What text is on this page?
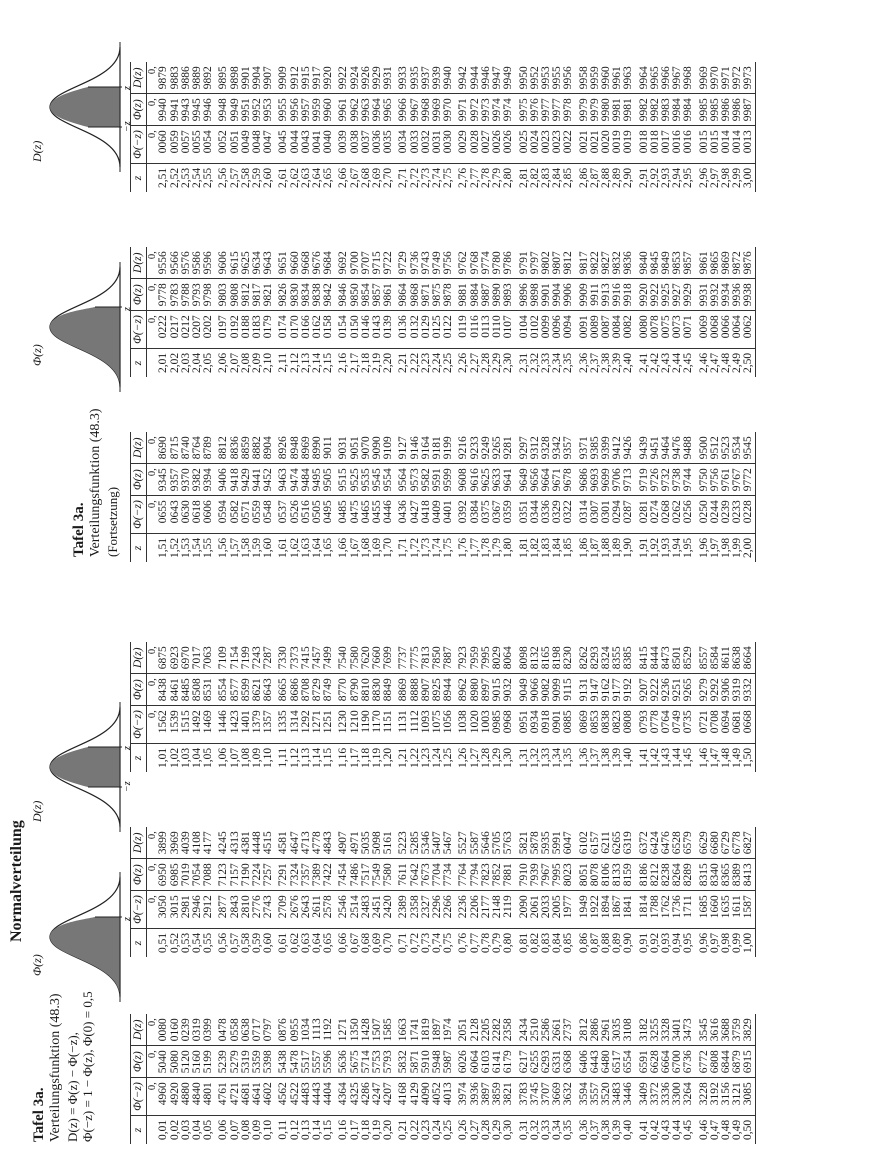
Normalverteilung
Tafel 3a. Verteilungsfunktion (48.3) D(z) = Φ(z) − Φ(−z), Φ(−z) = 1 − Φ(z), Φ(0) = 0,5
Tafel 3a. Verteilungsfunktion (48.3) (Fortsetzung)
Φ(z)
z
D(z)
−z
z
Φ(z)
z
D(z)
−z
z
z	Φ(−z)	Φ(z)	D(z)
	0,	0,	0,
0,01	4960	5040	0080
0,02	4920	5080	0160
0,03	4880	5120	0239
0,04	4840	5160	0319
0,05	4801	5199	0399
0,06	4761	5239	0478
0,07	4721	5279	0558
0,08	4681	5319	0638
0,09	4641	5359	0717
0,10	4602	5398	0797
0,11	4562	5438	0876
0,12	4522	5478	0955
0,13	4483	5517	1034
0,14	4443	5557	1113
0,15	4404	5596	1192
0,16	4364	5636	1271
0,17	4325	5675	1350
0,18	4286	5714	1428
0,19	4247	5753	1507
0,20	4207	5793	1585
0,21	4168	5832	1663
0,22	4129	5871	1741
0,23	4090	5910	1819
0,24	4052	5948	1897
0,25	4013	5987	1974
0,26	3974	6026	2051
0,27	3936	6064	2128
0,28	3897	6103	2205
0,29	3859	6141	2282
0,30	3821	6179	2358
0,31	3783	6217	2434
0,32	3745	6255	2510
0,33	3707	6293	2586
0,34	3669	6331	2661
0,35	3632	6368	2737
0,36	3594	6406	2812
0,37	3557	6443	2886
0,38	3520	6480	2961
0,39	3483	6517	3035
0,40	3446	6554	3108
0,41	3409	6591	3182
0,42	3372	6628	3255
0,43	3336	6664	3328
0,44	3300	6700	3401
0,45	3264	6736	3473
0,46	3228	6772	3545
0,47	3192	6808	3616
0,48	3156	6844	3688
0,49	3121	6879	3759
0,50	3085	6915	3829
z	Φ(−z)	Φ(z)	D(z)
	0,	0,	0,
0,51	3050	6950	3899
0,52	3015	6985	3969
0,53	2981	7019	4039
0,54	2946	7054	4108
0,55	2912	7088	4177
0,56	2877	7123	4245
0,57	2843	7157	4313
0,58	2810	7190	4381
0,59	2776	7224	4448
0,60	2743	7257	4515
0,61	2709	7291	4581
0,62	2676	7324	4647
0,63	2643	7357	4713
0,64	2611	7389	4778
0,65	2578	7422	4843
0,66	2546	7454	4907
0,67	2514	7486	4971
0,68	2483	7517	5035
0,69	2451	7549	5098
0,70	2420	7580	5161
0,71	2389	7611	5223
0,72	2358	7642	5285
0,73	2327	7673	5346
0,74	2296	7704	5407
0,75	2266	7734	5467
0,76	2236	7764	5527
0,77	2206	7794	5587
0,78	2177	7823	5646
0,79	2148	7852	5705
0,80	2119	7881	5763
0,81	2090	7910	5821
0,82	2061	7939	5878
0,83	2033	7967	5935
0,84	2005	7995	5991
0,85	1977	8023	6047
0,86	1949	8051	6102
0,87	1922	8078	6157
0,88	1894	8106	6211
0,89	1867	8133	6265
0,90	1841	8159	6319
0,91	1814	8186	6372
0,92	1788	8212	6424
0,93	1762	8238	6476
0,94	1736	8264	6528
0,95	1711	8289	6579
0,96	1685	8315	6629
0,97	1660	8340	6680
0,98	1635	8365	6729
0,99	1611	8389	6778
1,00	1587	8413	6827
z	Φ(−z)	Φ(z)	D(z)
	0,	0,	0,
1,01	1562	8438	6875
1,02	1539	8461	6923
1,03	1515	8485	6970
1,04	1492	8508	7017
1,05	1469	8531	7063
1,06	1446	8554	7109
1,07	1423	8577	7154
1,08	1401	8599	7199
1,09	1379	8621	7243
1,10	1357	8643	7287
1,11	1335	8665	7330
1,12	1314	8686	7373
1,13	1292	8708	7415
1,14	1271	8729	7457
1,15	1251	8749	7499
1,16	1230	8770	7540
1,17	1210	8790	7580
1,18	1190	8810	7620
1,19	1170	8830	7660
1,20	1151	8849	7699
1,21	1131	8869	7737
1,22	1112	8888	7775
1,23	1093	8907	7813
1,24	1075	8925	7850
1,25	1056	8944	7887
1,26	1038	8962	7923
1,27	1020	8980	7959
1,28	1003	8997	7995
1,29	0985	9015	8029
1,30	0968	9032	8064
1,31	0951	9049	8098
1,32	0934	9066	8132
1,33	0918	9082	8165
1,34	0901	9099	8198
1,35	0885	9115	8230
1,36	0869	9131	8262
1,37	0853	9147	8293
1,38	0838	9162	8324
1,39	0823	9177	8355
1,40	0808	9192	8385
1,41	0793	9207	8415
1,42	0778	9222	8444
1,43	0764	9236	8473
1,44	0749	9251	8501
1,45	0735	9265	8529
1,46	0721	9279	8557
1,47	0708	9292	8584
1,48	0694	9306	8611
1,49	0681	9319	8638
1,50	0668	9332	8664
z	Φ(−z)	Φ(z)	D(z)
	0,	0,	0,
1,51	0655	9345	8690
1,52	0643	9357	8715
1,53	0630	9370	8740
1,54	0618	9382	8764
1,55	0606	9394	8789
1,56	0594	9406	8812
1,57	0582	9418	8836
1,58	0571	9429	8859
1,59	0559	9441	8882
1,60	0548	9452	8904
1,61	0537	9463	8926
1,62	0526	9474	8948
1,63	0516	9484	8969
1,64	0505	9495	8990
1,65	0495	9505	9011
1,66	0485	9515	9031
1,67	0475	9525	9051
1,68	0465	9535	9070
1,69	0455	9545	9090
1,70	0446	9554	9109
1,71	0436	9564	9127
1,72	0427	9573	9146
1,73	0418	9582	9164
1,74	0409	9591	9181
1,75	0401	9599	9199
1,76	0392	9608	9216
1,77	0384	9616	9233
1,78	0375	9625	9249
1,79	0367	9633	9265
1,80	0359	9641	9281
1,81	0351	9649	9297
1,82	0344	9656	9312
1,83	0336	9664	9328
1,84	0329	9671	9342
1,85	0322	9678	9357
1,86	0314	9686	9371
1,87	0307	9693	9385
1,88	0301	9699	9399
1,89	0294	9706	9412
1,90	0287	9713	9426
1,91	0281	9719	9439
1,92	0274	9726	9451
1,93	0268	9732	9464
1,94	0262	9738	9476
1,95	0256	9744	9488
1,96	0250	9750	9500
1,97	0244	9756	9512
1,98	0239	9761	9523
1,99	0233	9767	9534
2,00	0228	9772	9545
z	Φ(−z)	Φ(z)	D(z)
	0,	0,	0,
2,01	0222	9778	9556
2,02	0217	9783	9566
2,03	0212	9788	9576
2,04	0207	9793	9586
2,05	0202	9798	9596
2,06	0197	9803	9606
2,07	0192	9808	9615
2,08	0188	9812	9625
2,09	0183	9817	9634
2,10	0179	9821	9643
2,11	0174	9826	9651
2,12	0170	9830	9660
2,13	0166	9834	9668
2,14	0162	9838	9676
2,15	0158	9842	9684
2,16	0154	9846	9692
2,17	0150	9850	9700
2,18	0146	9854	9707
2,19	0143	9857	9715
2,20	0139	9861	9722
2,21	0136	9864	9729
2,22	0132	9868	9736
2,23	0129	9871	9743
2,24	0125	9875	9749
2,25	0122	9878	9756
2,26	0119	9881	9762
2,27	0116	9884	9768
2,28	0113	9887	9774
2,29	0110	9890	9780
2,30	0107	9893	9786
2,31	0104	9896	9791
2,32	0102	9898	9797
2,33	0099	9901	9802
2,34	0096	9904	9807
2,35	0094	9906	9812
2,36	0091	9909	9817
2,37	0089	9911	9822
2,38	0087	9913	9827
2,39	0084	9916	9832
2,40	0082	9918	9836
2,41	0080	9920	9840
2,42	0078	9922	9845
2,43	0075	9925	9849
2,44	0073	9927	9853
2,45	0071	9929	9857
2,46	0069	9931	9861
2,47	0068	9932	9865
2,48	0066	9934	9869
2,49	0064	9936	9872
2,50	0062	9938	9876
z	Φ(−z)	Φ(z)	D(z)
	0,	0,	0,
2,51	0060	9940	9879
2,52	0059	9941	9883
2,53	0057	9943	9886
2,54	0055	9945	9889
2,55	0054	9946	9892
2,56	0052	9948	9895
2,57	0051	9949	9898
2,58	0049	9951	9901
2,59	0048	9952	9904
2,60	0047	9953	9907
2,61	0045	9955	9909
2,62	0044	9956	9912
2,63	0043	9957	9915
2,64	0041	9959	9917
2,65	0040	9960	9920
2,66	0039	9961	9922
2,67	0038	9962	9924
2,68	0037	9963	9926
2,69	0036	9964	9929
2,70	0035	9965	9931
2,71	0034	9966	9933
2,72	0033	9967	9935
2,73	0032	9968	9937
2,74	0031	9969	9939
2,75	0030	9970	9940
2,76	0029	9971	9942
2,77	0028	9972	9944
2,78	0027	9973	9946
2,79	0026	9974	9947
2,80	0026	9974	9949
2,81	0025	9975	9950
2,82	0024	9976	9952
2,83	0023	9977	9953
2,84	0023	9977	9955
2,85	0022	9978	9956
2,86	0021	9979	9958
2,87	0021	9979	9959
2,88	0020	9980	9960
2,89	0019	9981	9961
2,90	0019	9981	9963
2,91	0018	9982	9964
2,92	0018	9982	9965
2,93	0017	9983	9966
2,94	0016	9984	9967
2,95	0016	9984	9968
2,96	0015	9985	9969
2,97	0015	9985	9970
2,98	0014	9986	9971
2,99	0014	9986	9972
3,00	0013	9987	9973
